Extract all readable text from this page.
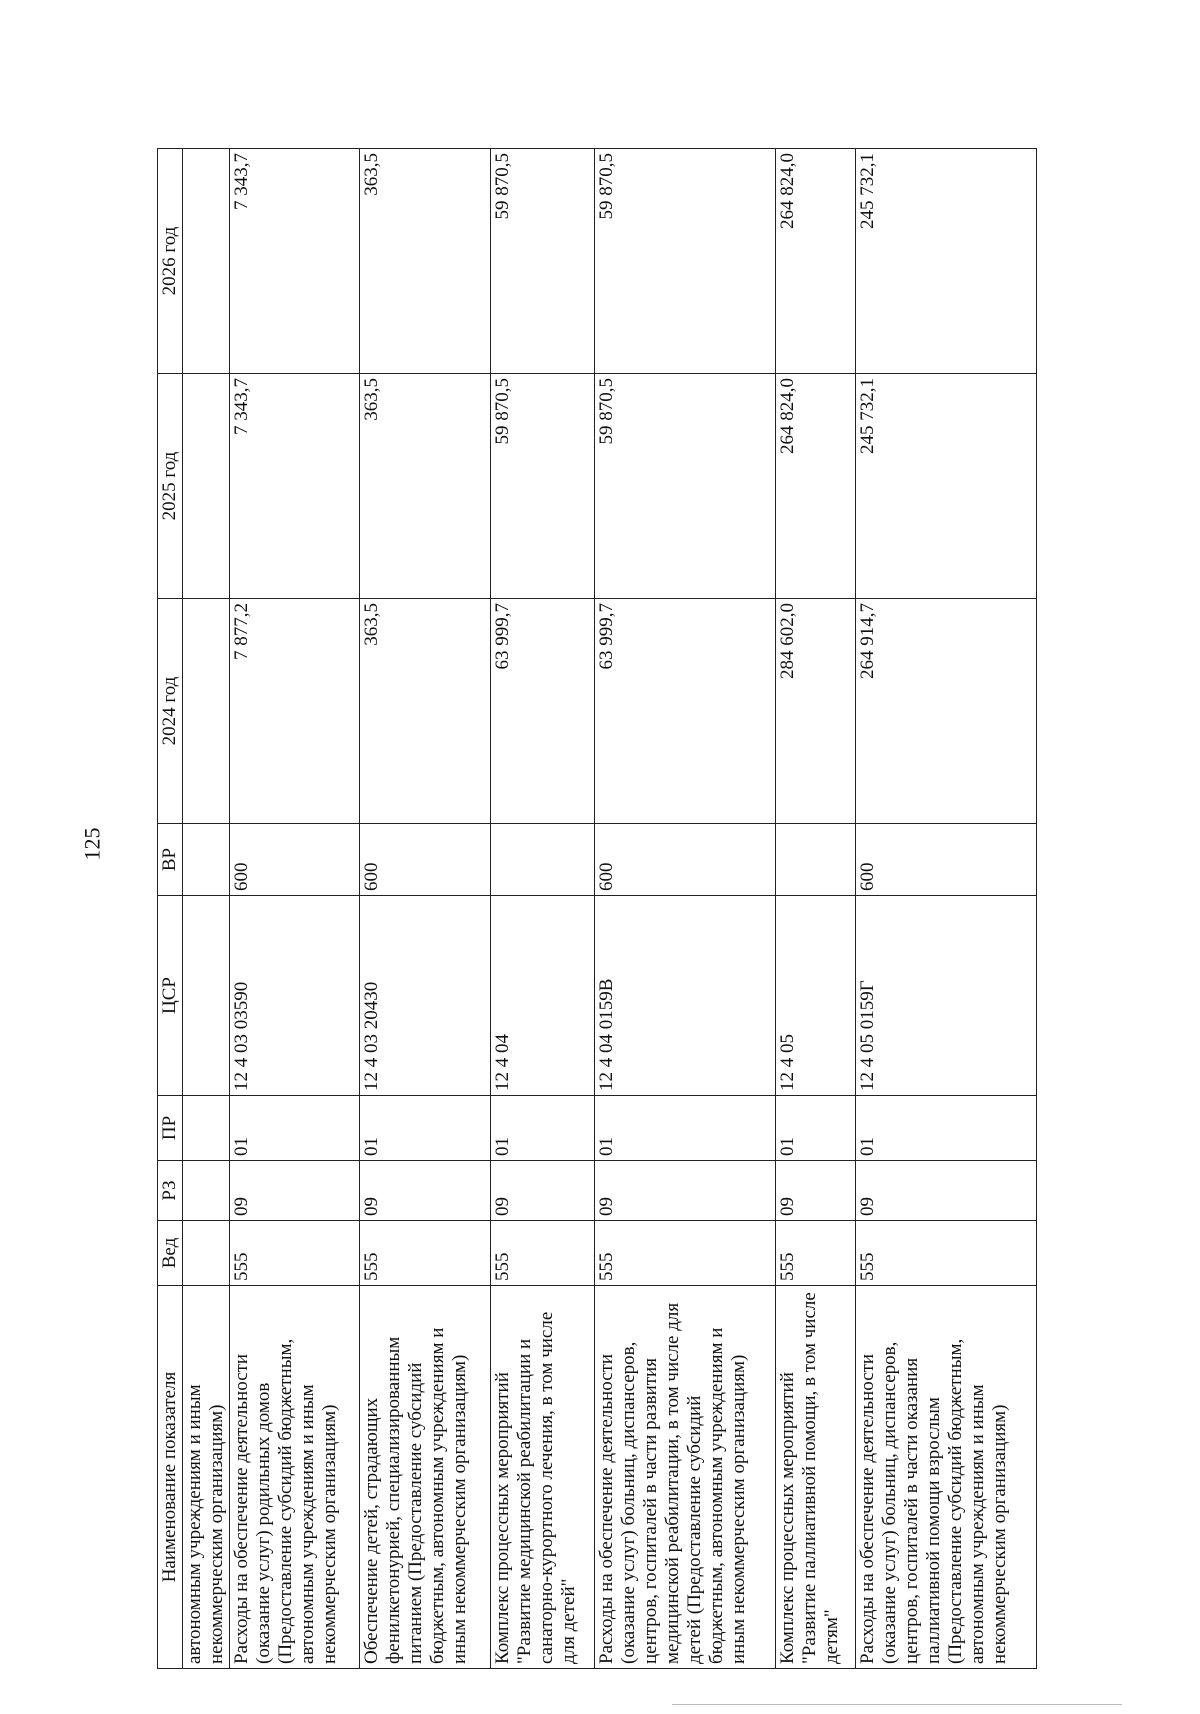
125
Наименование показателя	Вед	РЗ	ПР	ЦСР	ВР	2024 год	2025 год	2026 год
автономным учреждениям и иным некоммерческим организациям)								
Расходы на обеспечение деятельности (оказание услуг) родильных домов (Предоставление субсидий бюджетным, автономным учреждениям и иным некоммерческим организациям)	555	09	01	12 4 03 03590	600	7 877,2	7 343,7	7 343,7
Обеспечение детей, страдающих фенилкетонурией, специализированным питанием (Предоставление субсидий бюджетным, автономным учреждениям и иным некоммерческим организациям)	555	09	01	12 4 03 20430	600	363,5	363,5	363,5
Комплекс процессных мероприятий "Развитие медицинской реабилитации и санаторно-курортного лечения, в том числе для детей"	555	09	01	12 4 04		63 999,7	59 870,5	59 870,5
Расходы на обеспечение деятельности (оказание услуг) больниц, диспансеров, центров, госпиталей в части развития медицинской реабилитации, в том числе для детей (Предоставление субсидий бюджетным, автономным учреждениям и иным некоммерческим организациям)	555	09	01	12 4 04 0159В	600	63 999,7	59 870,5	59 870,5
Комплекс процессных мероприятий "Развитие паллиативной помощи, в том числе детям"	555	09	01	12 4 05		284 602,0	264 824,0	264 824,0
Расходы на обеспечение деятельности (оказание услуг) больниц, диспансеров, центров, госпиталей в части оказания паллиативной помощи взрослым (Предоставление субсидий бюджетным, автономным учреждениям и иным некоммерческим организациям)	555	09	01	12 4 05 0159Г	600	264 914,7	245 732,1	245 732,1
